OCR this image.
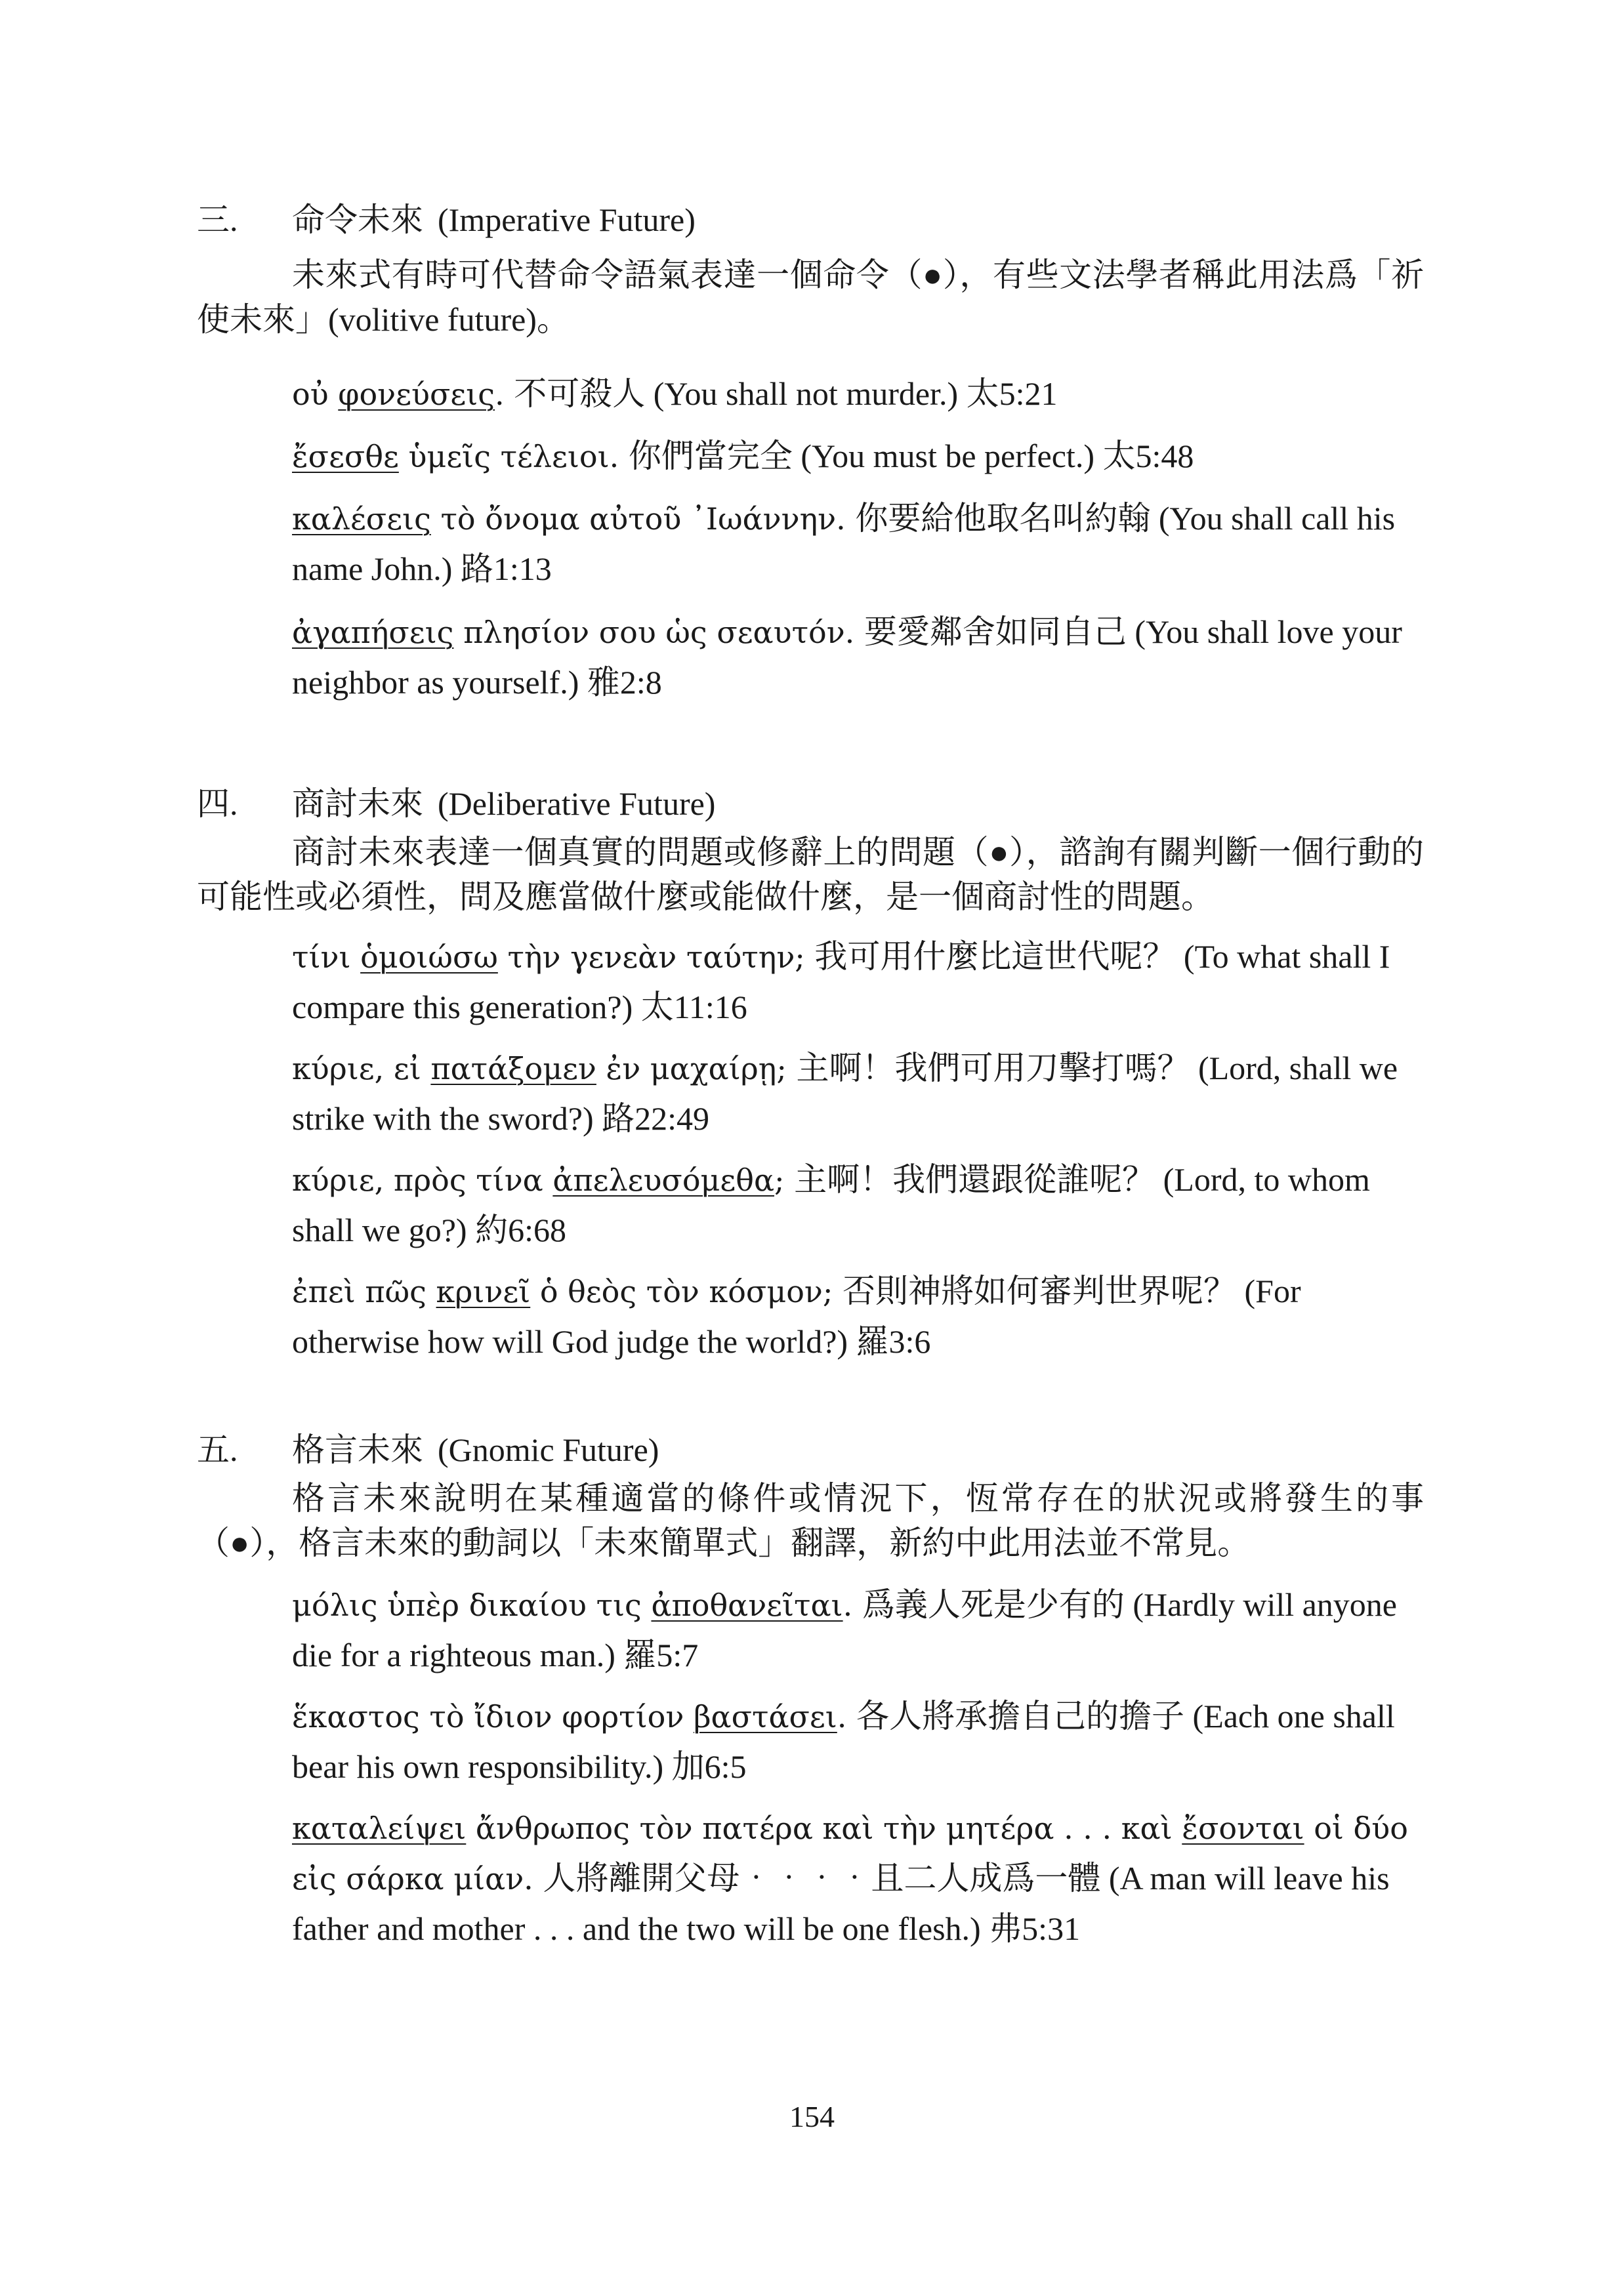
三. 命令未來 (Imperative Future)
未來式有時可代替命令語氣表達一個命令（●），有些文法學者稱此用法爲「祈使未來」(volitive future)。
οὐ φονεύσεις. 不可殺人 (You shall not murder.) 太5:21
ἔσεσθε ὑμεῖς τέλειοι. 你們當完全 (You must be perfect.) 太5:48
καλέσεις τὸ ὄνομα αὐτοῦ ᾿Ιωάννην. 你要給他取名叫約翰 (You shall call his name John.) 路1:13
ἀγαπήσεις πλησίον σου ὡς σεαυτόν. 要愛鄰舍如同自己 (You shall love your neighbor as yourself.) 雅2:8
四. 商討未來 (Deliberative Future)
商討未來表達一個真實的問題或修辭上的問題（●），諮詢有關判斷一個行動的可能性或必須性，問及應當做什麼或能做什麼，是一個商討性的問題。
τίνι ὁμοιώσω τὴν γενεὰν ταύτην; 我可用什麼比這世代呢？ (To what shall I compare this generation?) 太11:16
κύριε, εἰ πατάξομεν ἐν μαχαίρῃ; 主啊！我們可用刀擊打嗎？ (Lord, shall we strike with the sword?) 路22:49
κύριε, πρὸς τίνα ἀπελευσόμεθα; 主啊！我們還跟從誰呢？ (Lord, to whom shall we go?) 約6:68
ἐπεὶ πῶς κρινεῖ ὁ θεὸς τὸν κόσμον; 否則神將如何審判世界呢？ (For otherwise how will God judge the world?) 羅3:6
五. 格言未來 (Gnomic Future)
格言未來說明在某種適當的條件或情況下，恆常存在的狀況或將發生的事（●），格言未來的動詞以「未來簡單式」翻譯，新約中此用法並不常見。
μόλις ὑπὲρ δικαίου τις ἀποθανεῖται. 爲義人死是少有的 (Hardly will anyone die for a righteous man.) 羅5:7
ἕκαστος τὸ ἴδιον φορτίον βαστάσει. 各人將承擔自己的擔子 (Each one shall bear his own responsibility.) 加6:5
καταλείψει ἄνθρωπος τὸν πατέρα καὶ τὴν μητέρα . . . καὶ ἔσονται οἱ δύο εἰς σάρκα μίαν. 人將離開父母‧‧‧‧且二人成爲一體 (A man will leave his father and mother . . . and the two will be one flesh.) 弗5:31
154
